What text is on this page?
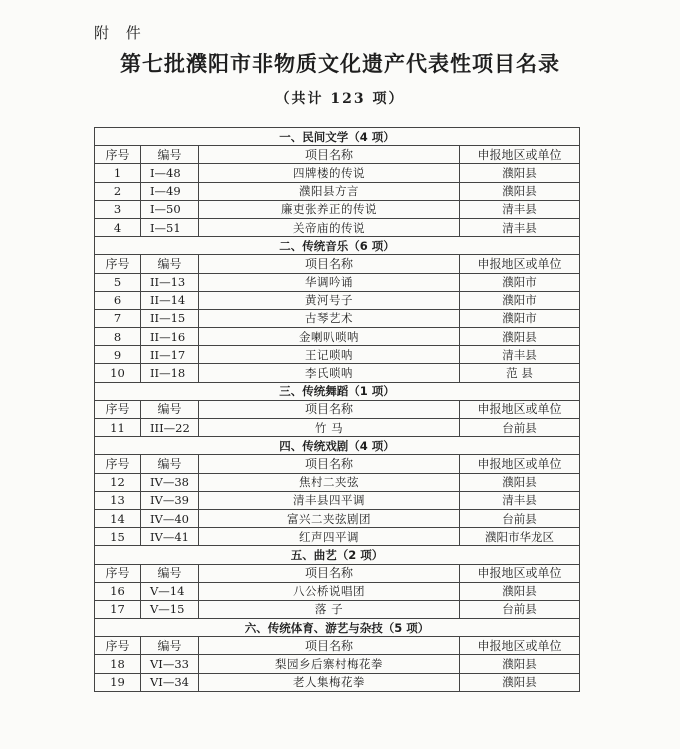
附 件
第七批濮阳市非物质文化遗产代表性项目名录
（共计 123 项）
一、民间文学（4 项）			
序号	编号	项目名称	申报地区或单位
1	I—48	四牌楼的传说	濮阳县
2	I—49	濮阳县方言	濮阳县
3	I—50	廉吏张养正的传说	清丰县
4	I—51	关帝庙的传说	清丰县
二、传统音乐（6 项）			
序号	编号	项目名称	申报地区或单位
5	II—13	华调吟诵	濮阳市
6	II—14	黄河号子	濮阳市
7	II—15	古琴艺术	濮阳市
8	II—16	金喇叭唢呐	濮阳县
9	II—17	王记唢呐	清丰县
10	II—18	李氏唢呐	范 县
三、传统舞蹈（1 项）			
序号	编号	项目名称	申报地区或单位
11	III—22	竹 马	台前县
四、传统戏剧（4 项）			
序号	编号	项目名称	申报地区或单位
12	IV—38	焦村二夹弦	濮阳县
13	IV—39	清丰县四平调	清丰县
14	IV—40	富兴二夹弦剧团	台前县
15	IV—41	红声四平调	濮阳市华龙区
五、曲艺（2 项）			
序号	编号	项目名称	申报地区或单位
16	V—14	八公桥说唱团	濮阳县
17	V—15	落 子	台前县
六、传统体育、游艺与杂技（5 项）			
序号	编号	项目名称	申报地区或单位
18	VI—33	梨园乡后寨村梅花拳	濮阳县
19	VI—34	老人集梅花拳	濮阳县
